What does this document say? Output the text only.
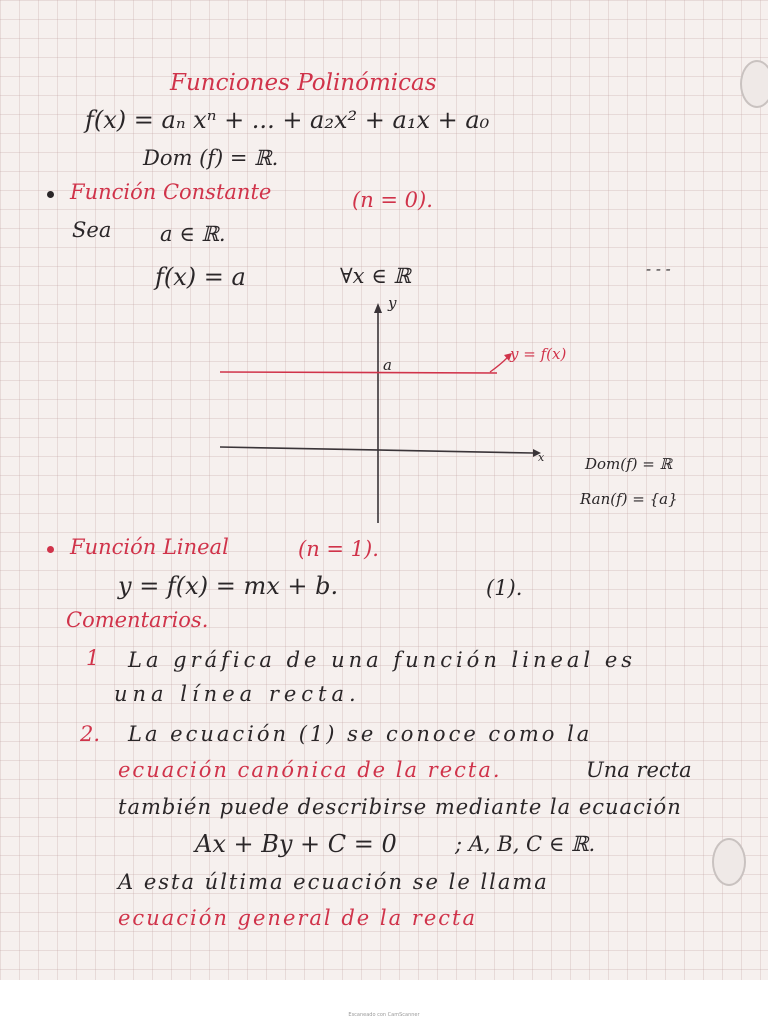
Funciones Polinómicas
f(x) = aₙ xⁿ + ... + a₂x² + a₁x + a₀
Dom (f) = ℝ.
Función Constante	(n = 0).
Sea a ∈ ℝ.
f(x) = a	∀x ∈ ℝ	- - -
y
x
a
y = f(x)
Dom(f) = ℝ
Ran(f) = {a}
Función Lineal	(n = 1).
y = f(x) = mx + b.	(1).
Comentarios.
1 La gráfica de una función lineal es
una línea recta.
2. La ecuación (1) se conoce como la
ecuación canónica de la recta.	Una recta
también puede describirse mediante la ecuación
Ax + By + C = 0	; A, B, C ∈ ℝ.
A esta última ecuación se le llama
ecuación general de la recta
Escaneado con CamScanner
